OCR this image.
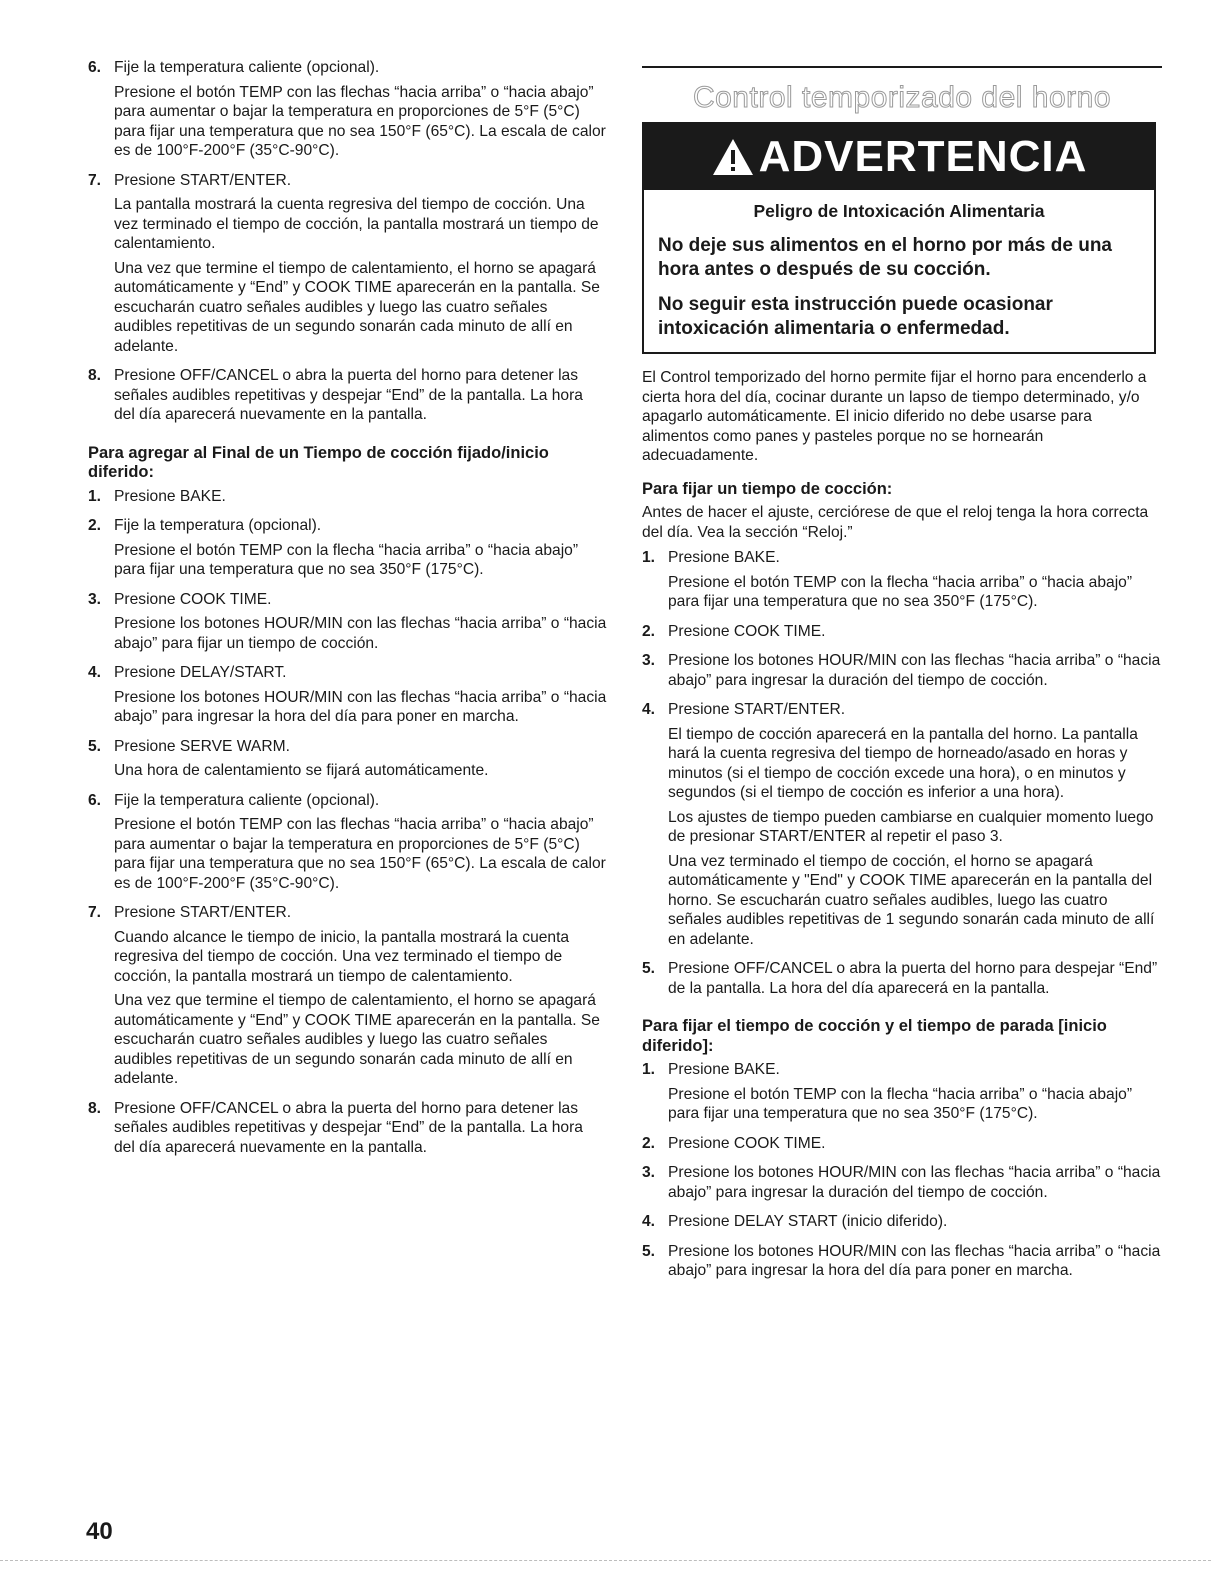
6. Fije la temperatura caliente (opcional).

Presione el botón TEMP con las flechas “hacia arriba” o “hacia abajo” para aumentar o bajar la temperatura en proporciones de 5°F (5°C) para fijar una temperatura que no sea 150°F (65°C). La escala de calor es de 100°F-200°F (35°C-90°C).

7. Presione START/ENTER.

La pantalla mostrará la cuenta regresiva del tiempo de cocción. Una vez terminado el tiempo de cocción, la pantalla mostrará un tiempo de calentamiento.

Una vez que termine el tiempo de calentamiento, el horno se apagará automáticamente y “End” y COOK TIME aparecerán en la pantalla. Se escucharán cuatro señales audibles y luego las cuatro señales audibles repetitivas de un segundo sonarán cada minuto de allí en adelante.

8. Presione OFF/CANCEL o abra la puerta del horno para detener las señales audibles repetitivas y despejar “End” de la pantalla. La hora del día aparecerá nuevamente en la pantalla.

Para agregar al Final de un Tiempo de cocción fijado/inicio diferido:
1. Presione BAKE.

2. Fije la temperatura (opcional).

Presione el botón TEMP con la flecha “hacia arriba” o “hacia abajo” para fijar una temperatura que no sea 350°F (175°C).

3. Presione COOK TIME.

Presione los botones HOUR/MIN con las flechas “hacia arriba” o “hacia abajo” para fijar un tiempo de cocción.

4. Presione DELAY/START.

Presione los botones HOUR/MIN con las flechas “hacia arriba” o “hacia abajo” para ingresar la hora del día para poner en marcha.

5. Presione SERVE WARM.

Una hora de calentamiento se fijará automáticamente.

6. Fije la temperatura caliente (opcional).

Presione el botón TEMP con las flechas “hacia arriba” o “hacia abajo” para aumentar o bajar la temperatura en proporciones de 5°F (5°C) para fijar una temperatura que no sea 150°F (65°C). La escala de calor es de 100°F-200°F (35°C-90°C).

7. Presione START/ENTER.

Cuando alcance le tiempo de inicio, la pantalla mostrará la cuenta regresiva del tiempo de cocción. Una vez terminado el tiempo de cocción, la pantalla mostrará un tiempo de calentamiento.

Una vez que termine el tiempo de calentamiento, el horno se apagará automáticamente y “End” y COOK TIME aparecerán en la pantalla. Se escucharán cuatro señales audibles y luego las cuatro señales audibles repetitivas de un segundo sonarán cada minuto de allí en adelante.

8. Presione OFF/CANCEL o abra la puerta del horno para detener las señales audibles repetitivas y despejar “End” de la pantalla. La hora del día aparecerá nuevamente en la pantalla.

Control temporizado del horno
ADVERTENCIA
Peligro de Intoxicación Alimentaria
No deje sus alimentos en el horno por más de una hora antes o después de su cocción.
No seguir esta instrucción puede ocasionar intoxicación alimentaria o enfermedad.

El Control temporizado del horno permite fijar el horno para encenderlo a cierta hora del día, cocinar durante un lapso de tiempo determinado, y/o apagarlo automáticamente. El inicio diferido no debe usarse para alimentos como panes y pasteles porque no se hornearán adecuadamente.

Para fijar un tiempo de cocción:

Antes de hacer el ajuste, cerciórese de que el reloj tenga la hora correcta del día. Vea la sección “Reloj.”

1. Presione BAKE.

Presione el botón TEMP con la flecha “hacia arriba” o “hacia abajo” para fijar una temperatura que no sea 350°F (175°C).

2. Presione COOK TIME.

3. Presione los botones HOUR/MIN con las flechas “hacia arriba” o “hacia abajo” para ingresar la duración del tiempo de cocción.

4. Presione START/ENTER.

El tiempo de cocción aparecerá en la pantalla del horno. La pantalla hará la cuenta regresiva del tiempo de horneado/asado en horas y minutos (si el tiempo de cocción excede una hora), o en minutos y segundos (si el tiempo de cocción es inferior a una hora).

Los ajustes de tiempo pueden cambiarse en cualquier momento luego de presionar START/ENTER al repetir el paso 3.

Una vez terminado el tiempo de cocción, el horno se apagará automáticamente y "End" y COOK TIME aparecerán en la pantalla del horno. Se escucharán cuatro señales audibles, luego las cuatro señales audibles repetitivas de 1 segundo sonarán cada minuto de allí en adelante.

5. Presione OFF/CANCEL o abra la puerta del horno para despejar “End” de la pantalla. La hora del día aparecerá en la pantalla.

Para fijar el tiempo de cocción y el tiempo de parada [inicio diferido]:
1. Presione BAKE.

Presione el botón TEMP con la flecha “hacia arriba” o “hacia abajo” para fijar una temperatura que no sea 350°F (175°C).

2. Presione COOK TIME.

3. Presione los botones HOUR/MIN con las flechas “hacia arriba” o “hacia abajo” para ingresar la duración del tiempo de cocción.

4. Presione DELAY START (inicio diferido).

5. Presione los botones HOUR/MIN con las flechas “hacia arriba” o “hacia abajo” para ingresar la hora del día para poner en marcha.

40
